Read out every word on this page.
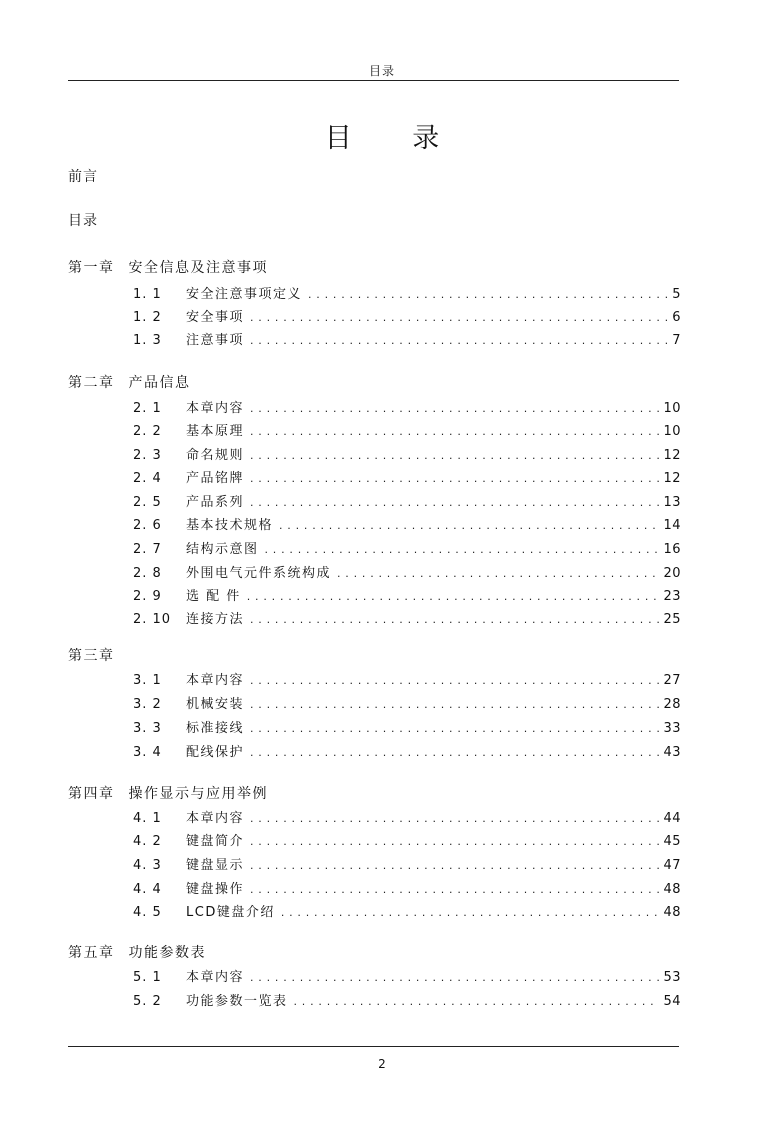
目录
目 录
前言
目录
第一章 安全信息及注意事项
1. 1	安全注意事项定义 . . .	5
1. 2	安全事项 . . .	6
1. 3	注意事项 . . .	7
第二章 产品信息
2. 1	本章内容 . . .	10
2. 2	基本原理 . . .	10
2. 3	命名规则 . . .	12
2. 4	产品铭牌 . . .	12
2. 5	产品系列 . . .	13
2. 6	基本技术规格 . . .	14
2. 7	结构示意图 . . .	16
2. 8	外围电气元件系统构成 . . .	20
2. 9	选 配 件 . . .	23
2. 10	连接方法 . . .	25
第三章
3. 1	本章内容 . . .	27
3. 2	机械安装 . . .	28
3. 3	标准接线 . . .	33
3. 4	配线保护 . . .	43
第四章 操作显示与应用举例
4. 1	本章内容 . . .	44
4. 2	键盘简介 . . .	45
4. 3	键盘显示 . . .	47
4. 4	键盘操作 . . .	48
4. 5	LCD键盘介绍 . . .	48
第五章 功能参数表
5. 1	本章内容 . . .	53
5. 2	功能参数一览表 . . .	54
2
